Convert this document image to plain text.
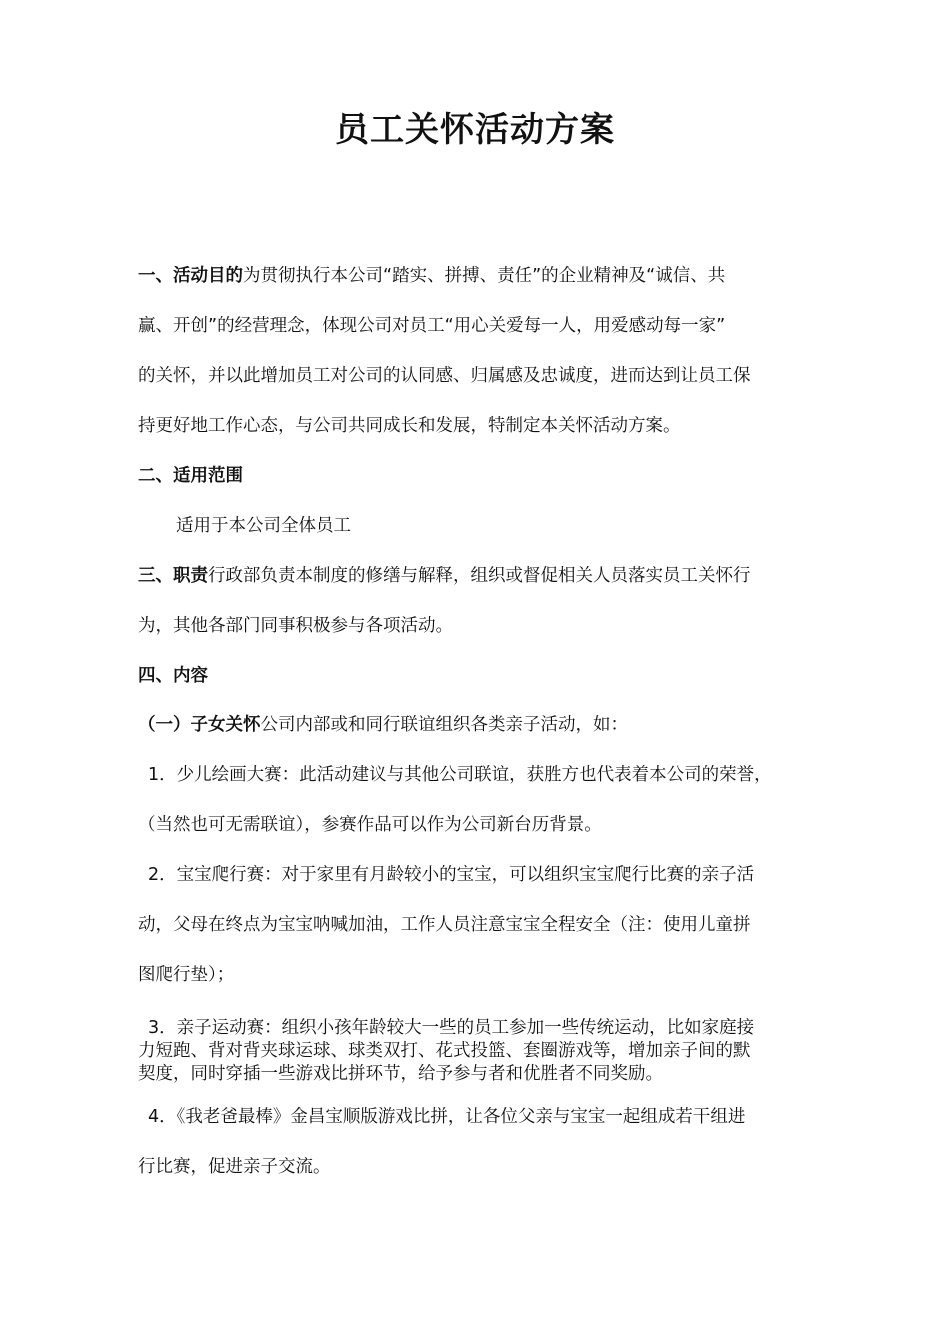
员工关怀活动方案
一、活动目的为贯彻执行本公司“踏实、拼搏、责任”的企业精神及“诚信、共
赢、开创”的经营理念，体现公司对员工“用心关爱每一人，用爱感动每一家”
的关怀，并以此增加员工对公司的认同感、归属感及忠诚度，进而达到让员工保
持更好地工作心态，与公司共同成长和发展，特制定本关怀活动方案。
二、适用范围
适用于本公司全体员工
三、职责行政部负责本制度的修缮与解释，组织或督促相关人员落实员工关怀行
为，其他各部门同事积极参与各项活动。
四、内容
（一）子女关怀公司内部或和同行联谊组织各类亲子活动，如：
1．少儿绘画大赛：此活动建议与其他公司联谊，获胜方也代表着本公司的荣誉，
（当然也可无需联谊），参赛作品可以作为公司新台历背景。
2．宝宝爬行赛：对于家里有月龄较小的宝宝，可以组织宝宝爬行比赛的亲子活
动，父母在终点为宝宝呐喊加油，工作人员注意宝宝全程安全（注：使用儿童拼
图爬行垫）；
3．亲子运动赛：组织小孩年龄较大一些的员工参加一些传统运动，比如家庭接
力短跑、背对背夹球运球、球类双打、花式投篮、套圈游戏等，增加亲子间的默
契度，同时穿插一些游戏比拼环节，给予参与者和优胜者不同奖励。
4．《我老爸最棒》金昌宝顺版游戏比拼，让各位父亲与宝宝一起组成若干组进
行比赛，促进亲子交流。
